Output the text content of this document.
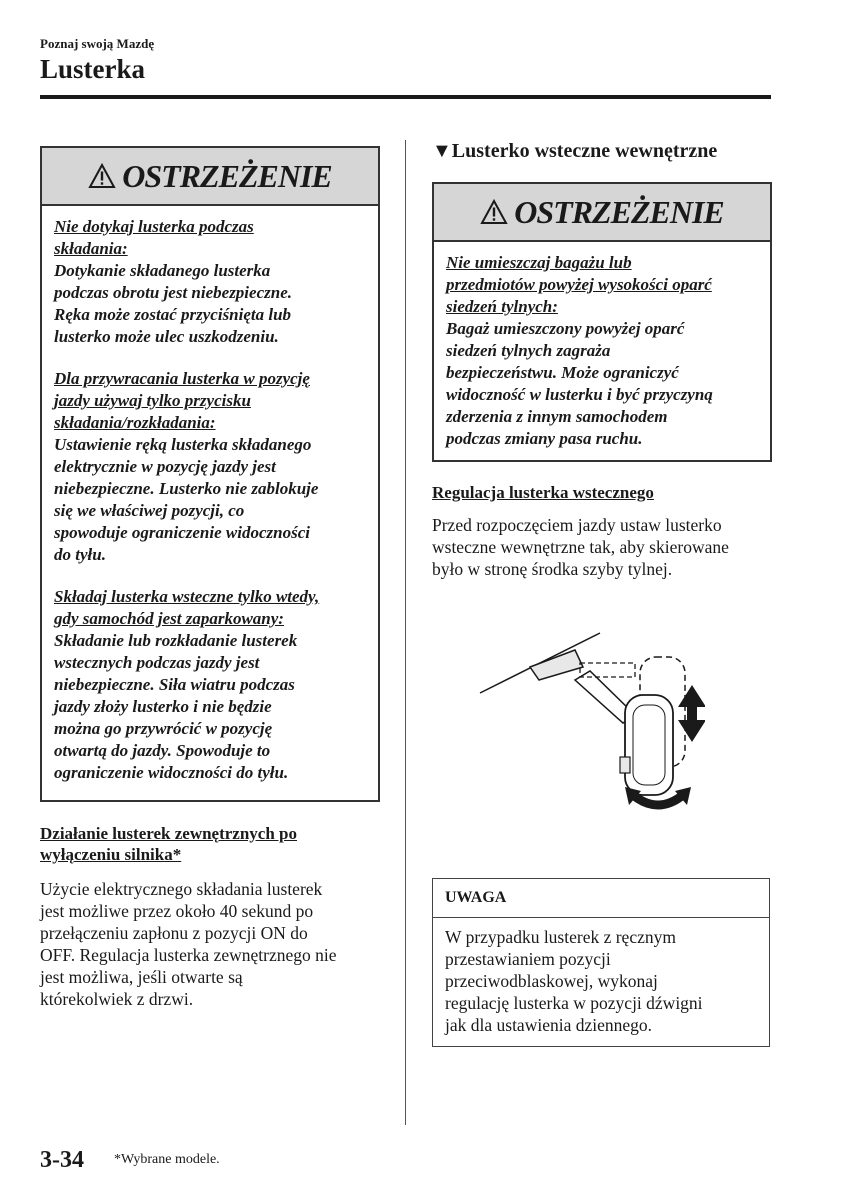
Poznaj swoją Mazdę
Lusterka
OSTRZEŻENIE
Nie dotykaj lusterka podczas
składania:
Dotykanie składanego lusterka
podczas obrotu jest niebezpieczne.
Ręka może zostać przyciśnięta lub
lusterko może ulec uszkodzeniu.
Dla przywracania lusterka w pozycję
jazdy używaj tylko przycisku
składania/rozkładania:
Ustawienie ręką lusterka składanego
elektrycznie w pozycję jazdy jest
niebezpieczne. Lusterko nie zablokuje
się we właściwej pozycji, co
spowoduje ograniczenie widoczności
do tyłu.
Składaj lusterka wsteczne tylko wtedy,
gdy samochód jest zaparkowany:
Składanie lub rozkładanie lusterek
wstecznych podczas jazdy jest
niebezpieczne. Siła wiatru podczas
jazdy złoży lusterko i nie będzie
można go przywrócić w pozycję
otwartą do jazdy. Spowoduje to
ograniczenie widoczności do tyłu.
Działanie lusterek zewnętrznych po
wyłączeniu silnika*
Użycie elektrycznego składania lusterek
jest możliwe przez około 40 sekund po
przełączeniu zapłonu z pozycji ON do
OFF. Regulacja lusterka zewnętrznego nie
jest możliwa, jeśli otwarte są
którekolwiek z drzwi.
▼Lusterko wsteczne wewnętrzne
OSTRZEŻENIE
Nie umieszczaj bagażu lub
przedmiotów powyżej wysokości oparć
siedzeń tylnych:
Bagaż umieszczony powyżej oparć
siedzeń tylnych zagraża
bezpieczeństwu. Może ograniczyć
widoczność w lusterku i być przyczyną
zderzenia z innym samochodem
podczas zmiany pasa ruchu.
Regulacja lusterka wstecznego
Przed rozpoczęciem jazdy ustaw lusterko
wsteczne wewnętrzne tak, aby skierowane
było w stronę środka szyby tylnej.
UWAGA
W przypadku lusterek z ręcznym
przestawianiem pozycji
przeciwodblaskowej, wykonaj
regulację lusterka w pozycji dźwigni
jak dla ustawienia dziennego.
3-34 *Wybrane modele.
